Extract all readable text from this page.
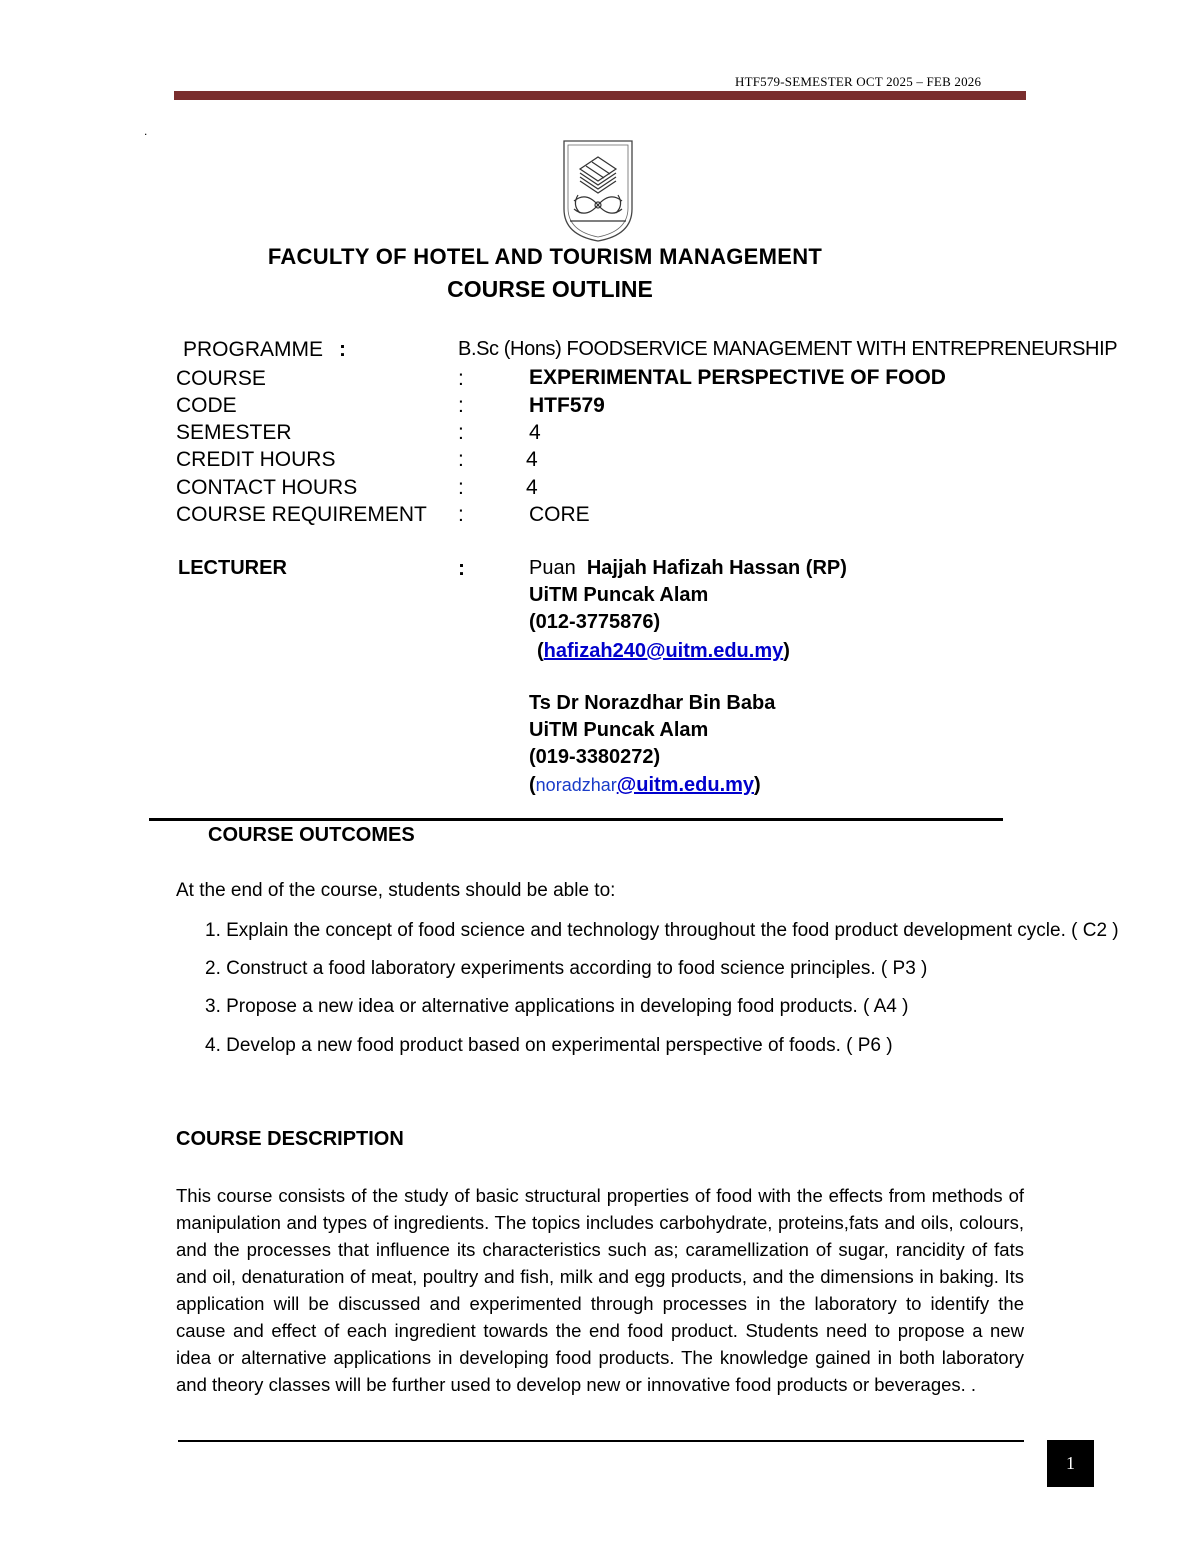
HTF579-SEMESTER OCT 2025 – FEB 2026
.
FACULTY OF HOTEL AND TOURISM MANAGEMENT
COURSE OUTLINE
PROGRAMME :	B.Sc (Hons) FOODSERVICE MANAGEMENT WITH ENTREPRENEURSHIP
COURSE	:	EXPERIMENTAL PERSPECTIVE OF FOOD
CODE	:	HTF579
SEMESTER	:	4
CREDIT HOURS	:	4
CONTACT HOURS	:	4
COURSE REQUIREMENT :	CORE
LECTURER	:	Puan Hajjah Hafizah Hassan (RP)
UiTM Puncak Alam
(012-3775876)
(hafizah240@uitm.edu.my)
Ts Dr Norazdhar Bin Baba
UiTM Puncak Alam
(019-3380272)
(noradzhar@uitm.edu.my)
COURSE OUTCOMES
At the end of the course, students should be able to:
1. Explain the concept of food science and technology throughout the food product development cycle. ( C2 )
2. Construct a food laboratory experiments according to food science principles. ( P3 )
3. Propose a new idea or alternative applications in developing food products. ( A4 )
4. Develop a new food product based on experimental perspective of foods. ( P6 )
COURSE DESCRIPTION
This course consists of the study of basic structural properties of food with the effects from methods of manipulation and types of ingredients. The topics includes carbohydrate, proteins,fats and oils, colours, and the processes that influence its characteristics such as; caramellization of sugar, rancidity of fats and oil, denaturation of meat, poultry and fish, milk and egg products, and the dimensions in baking. Its application will be discussed and experimented through processes in the laboratory to identify the cause and effect of each ingredient towards the end food product. Students need to propose a new idea or alternative applications in developing food products. The knowledge gained in both laboratory and theory classes will be further used to develop new or innovative food products or beverages. .
1
